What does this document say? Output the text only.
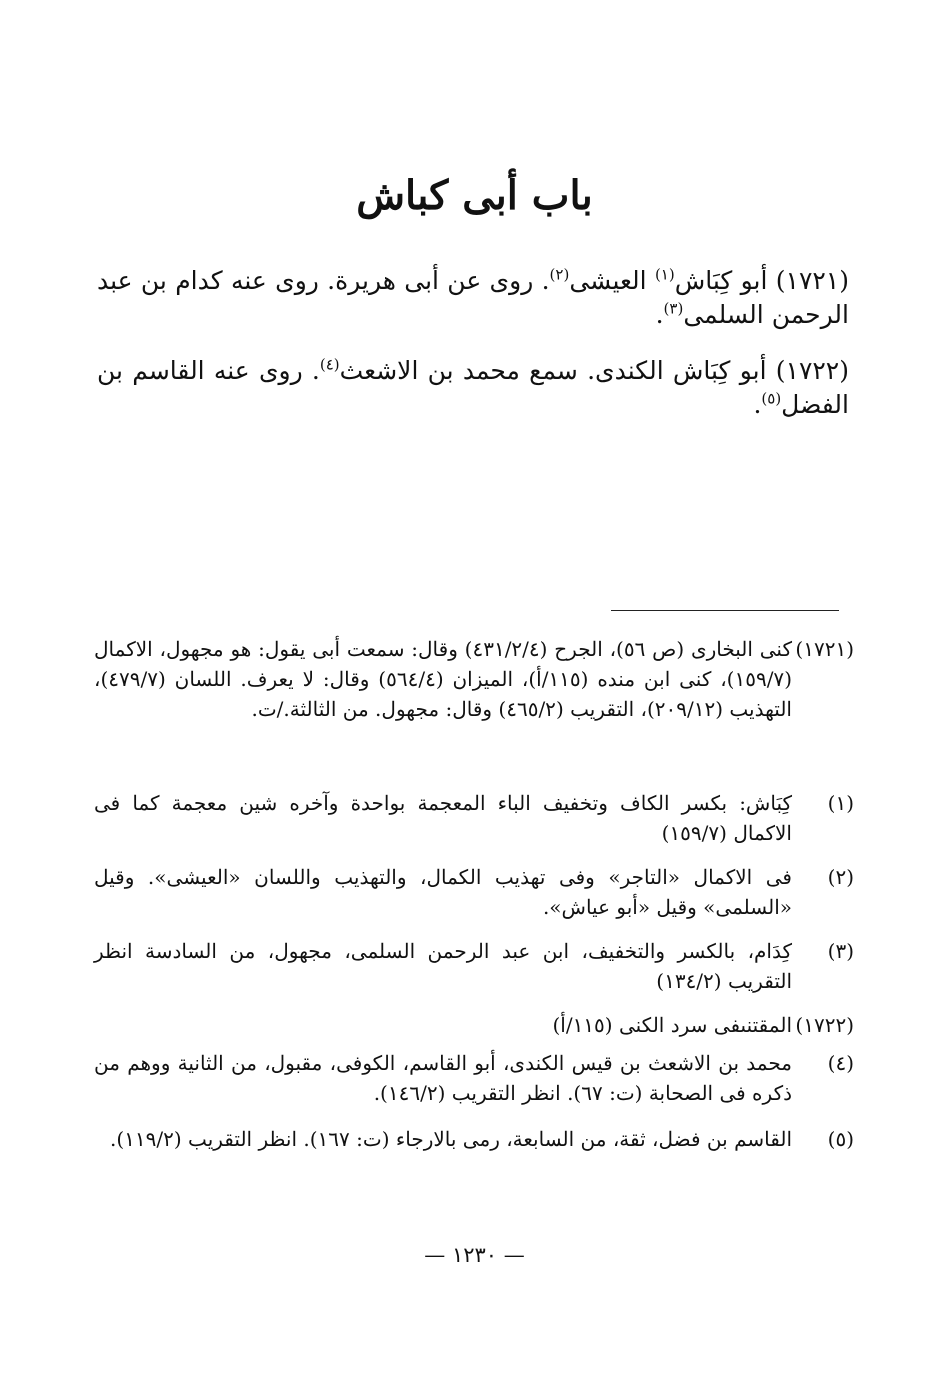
باب أبى كباش

(١٧٢١) أبو كِبَاش$^{(١)}$ العيشى$^{(٢)}$. روى عن أبى هريرة. روى عنه كدام بن عبد الرحمن السلمى$^{(٣)}$.

(١٧٢٢) أبو كِبَاش الكندى. سمع محمد بن الاشعث$^{(٤)}$. روى عنه القاسم بن الفضل$^{(٥)}$.

(١٧٢١)
كنى البخارى (ص ٥٦)، الجرح (٤٣١/٢/٤) وقال: سمعت أبى يقول: هو مجهول، الاكمال (١٥٩/٧)، كنى ابن منده (١١٥/أ)، الميزان (٥٦٤/٤) وقال: لا يعرف. اللسان (٤٧٩/٧)، التهذيب (٢٠٩/١٢)، التقريب (٤٦٥/٢) وقال: مجهول. من الثالثة./ت.
(١)
كِبَاش: بكسر الكاف وتخفيف الباء المعجمة بواحدة وآخره شين معجمة كما فى الاكمال (١٥٩/٧)
(٢)
فى الاكمال «التاجر» وفى تهذيب الكمال، والتهذيب واللسان «العيشى». وقيل «السلمى» وقيل «أبو عياش».
(٣)
كِدَام، بالكسر والتخفيف، ابن عبد الرحمن السلمى، مجهول، من السادسة انظر التقريب (١٣٤/٢)
(١٧٢٢)
المقتنىفى سرد الكنى (١١٥/أ)
(٤)
محمد بن الاشعث بن قيس الكندى، أبو القاسم، الكوفى، مقبول، من الثانية ووهم من ذكره فى الصحابة (ت: ٦٧). انظر التقريب (١٤٦/٢).
(٥)
القاسم بن فضل، ثقة، من السابعة، رمى بالارجاء (ت: ١٦٧). انظر التقريب (١١٩/٢).
— ١٢٣٠ —
